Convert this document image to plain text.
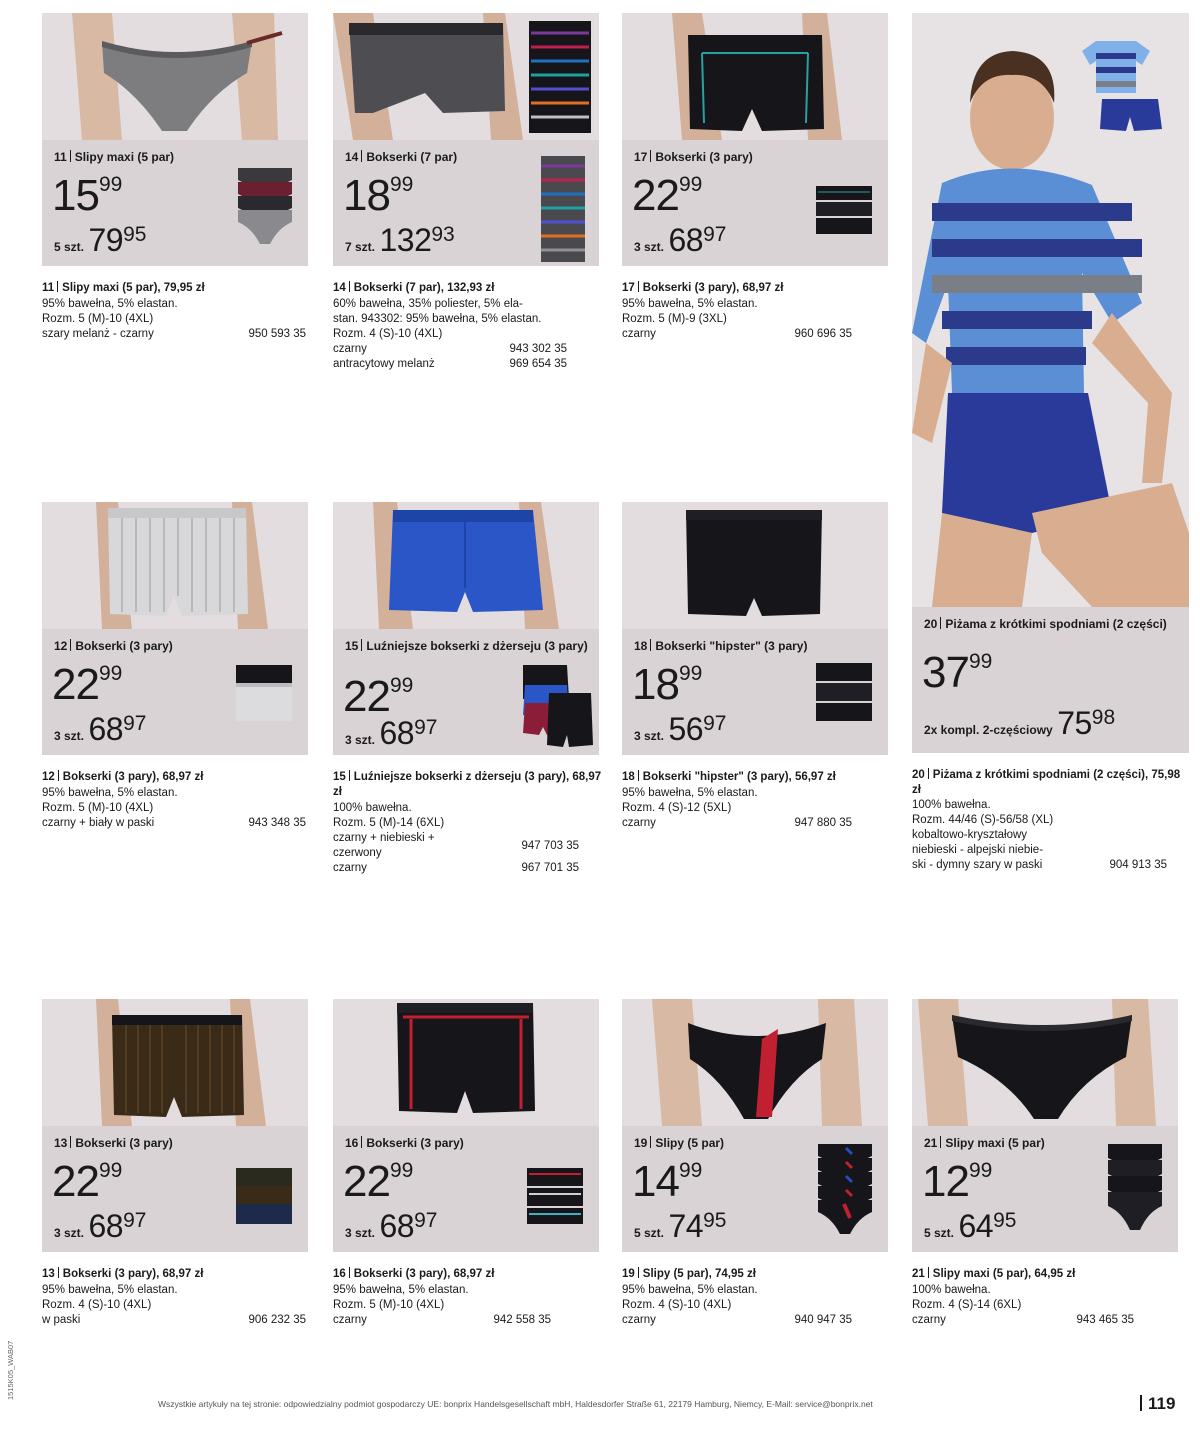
11 Slipy maxi (5 par)
$15^{99}$
5 szt. 7995
11 Slipy maxi (5 par), 79,95 zł
95% bawełna, 5% elastan.
Rozm. 5 (M)-10 (4XL)
szary melanż - czarny	950 593 35
14 Bokserki (7 par)
$18^{99}$
7 szt. 13293
14 Bokserki (7 par), 132,93 zł
60% bawełna, 35% poliester, 5% ela-
stan. 943302: 95% bawełna, 5% elastan.
Rozm. 4 (S)-10 (4XL)
czarny	943 302 35
antracytowy melanż	969 654 35
17 Bokserki (3 pary)
$22^{99}$
3 szt. 6897
17 Bokserki (3 pary), 68,97 zł
95% bawełna, 5% elastan.
Rozm. 5 (M)-9 (3XL)
czarny	960 696 35
20 Piżama z krótkimi spodniami (2 części)
$37^{99}$
2x kompl. 2-częściowy 7598
20 Piżama z krótkimi spodniami (2 części), 75,98 zł
100% bawełna.
Rozm. 44/46 (S)-56/58 (XL)
kobaltowo-kryształowy
niebieski - alpejski niebie-
ski - dymny szary w paski	904 913 35
12 Bokserki (3 pary)
$22^{99}$
3 szt. 6897
12 Bokserki (3 pary), 68,97 zł
95% bawełna, 5% elastan.
Rozm. 5 (M)-10 (4XL)
czarny + biały w paski	943 348 35
15 Luźniejsze bokserki z dżerseju (3 pary)
$22^{99}$
3 szt. 6897
15 Luźniejsze bokserki z dżerseju (3 pary), 68,97 zł
100% bawełna.
Rozm. 5 (M)-14 (6XL)
czarny + niebieski + czerwony
947 703 35
czarny	967 701 35
18 Bokserki "hipster" (3 pary)
$18^{99}$
3 szt. 5697
18 Bokserki "hipster" (3 pary), 56,97 zł
95% bawełna, 5% elastan.
Rozm. 4 (S)-12 (5XL)
czarny	947 880 35
13 Bokserki (3 pary)
$22^{99}$
3 szt. 6897
13 Bokserki (3 pary), 68,97 zł
95% bawełna, 5% elastan.
Rozm. 4 (S)-10 (4XL)
w paski	906 232 35
16 Bokserki (3 pary)
$22^{99}$
3 szt. 6897
16 Bokserki (3 pary), 68,97 zł
95% bawełna, 5% elastan.
Rozm. 5 (M)-10 (4XL)
czarny	942 558 35
19 Slipy (5 par)
$14^{99}$
5 szt. 7495
19 Slipy (5 par), 74,95 zł
95% bawełna, 5% elastan.
Rozm. 4 (S)-10 (4XL)
czarny	940 947 35
21 Slipy maxi (5 par)
$12^{99}$
5 szt. 6495
21 Slipy maxi (5 par), 64,95 zł
100% bawełna.
Rozm. 4 (S)-14 (6XL)
czarny	943 465 35
Wszystkie artykuły na tej stronie: odpowiedzialny podmiot gospodarczy UE: bonprix Handelsgesellschaft mbH, Haldesdorfer Straße 61, 22179 Hamburg, Niemcy, E-Mail: service@bonprix.net	119
1515K05_WAB07
